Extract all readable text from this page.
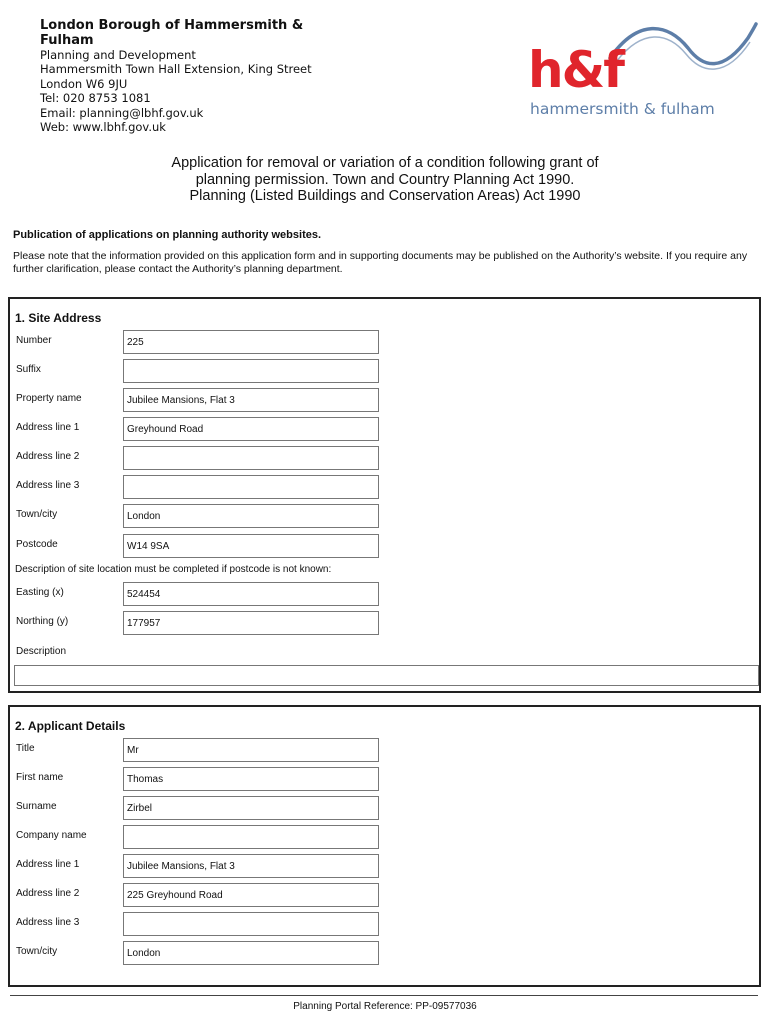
London Borough of Hammersmith & Fulham
Planning and Development
Hammersmith Town Hall Extension, King Street
London W6 9JU
Tel: 020 8753 1081
Email: planning@lbhf.gov.uk
Web: www.lbhf.gov.uk
h&f
hammersmith & fulham
Application for removal or variation of a condition following grant of
planning permission. Town and Country Planning Act 1990.
Planning (Listed Buildings and Conservation Areas) Act 1990
Publication of applications on planning authority websites.
Please note that the information provided on this application form and in supporting documents may be published on the Authority’s website. If you require any further clarification, please contact the Authority’s planning department.
1. Site Address
Number	225
Suffix
Property name	Jubilee Mansions, Flat 3
Address line 1	Greyhound Road
Address line 2
Address line 3
Town/city	London
Postcode	W14 9SA
Description of site location must be completed if postcode is not known:
Easting (x)	524454
Northing (y)	177957
Description
2. Applicant Details
Title	Mr
First name	Thomas
Surname	Zirbel
Company name
Address line 1	Jubilee Mansions, Flat 3
Address line 2	225 Greyhound Road
Address line 3
Town/city	London
Planning Portal Reference: PP-09577036
